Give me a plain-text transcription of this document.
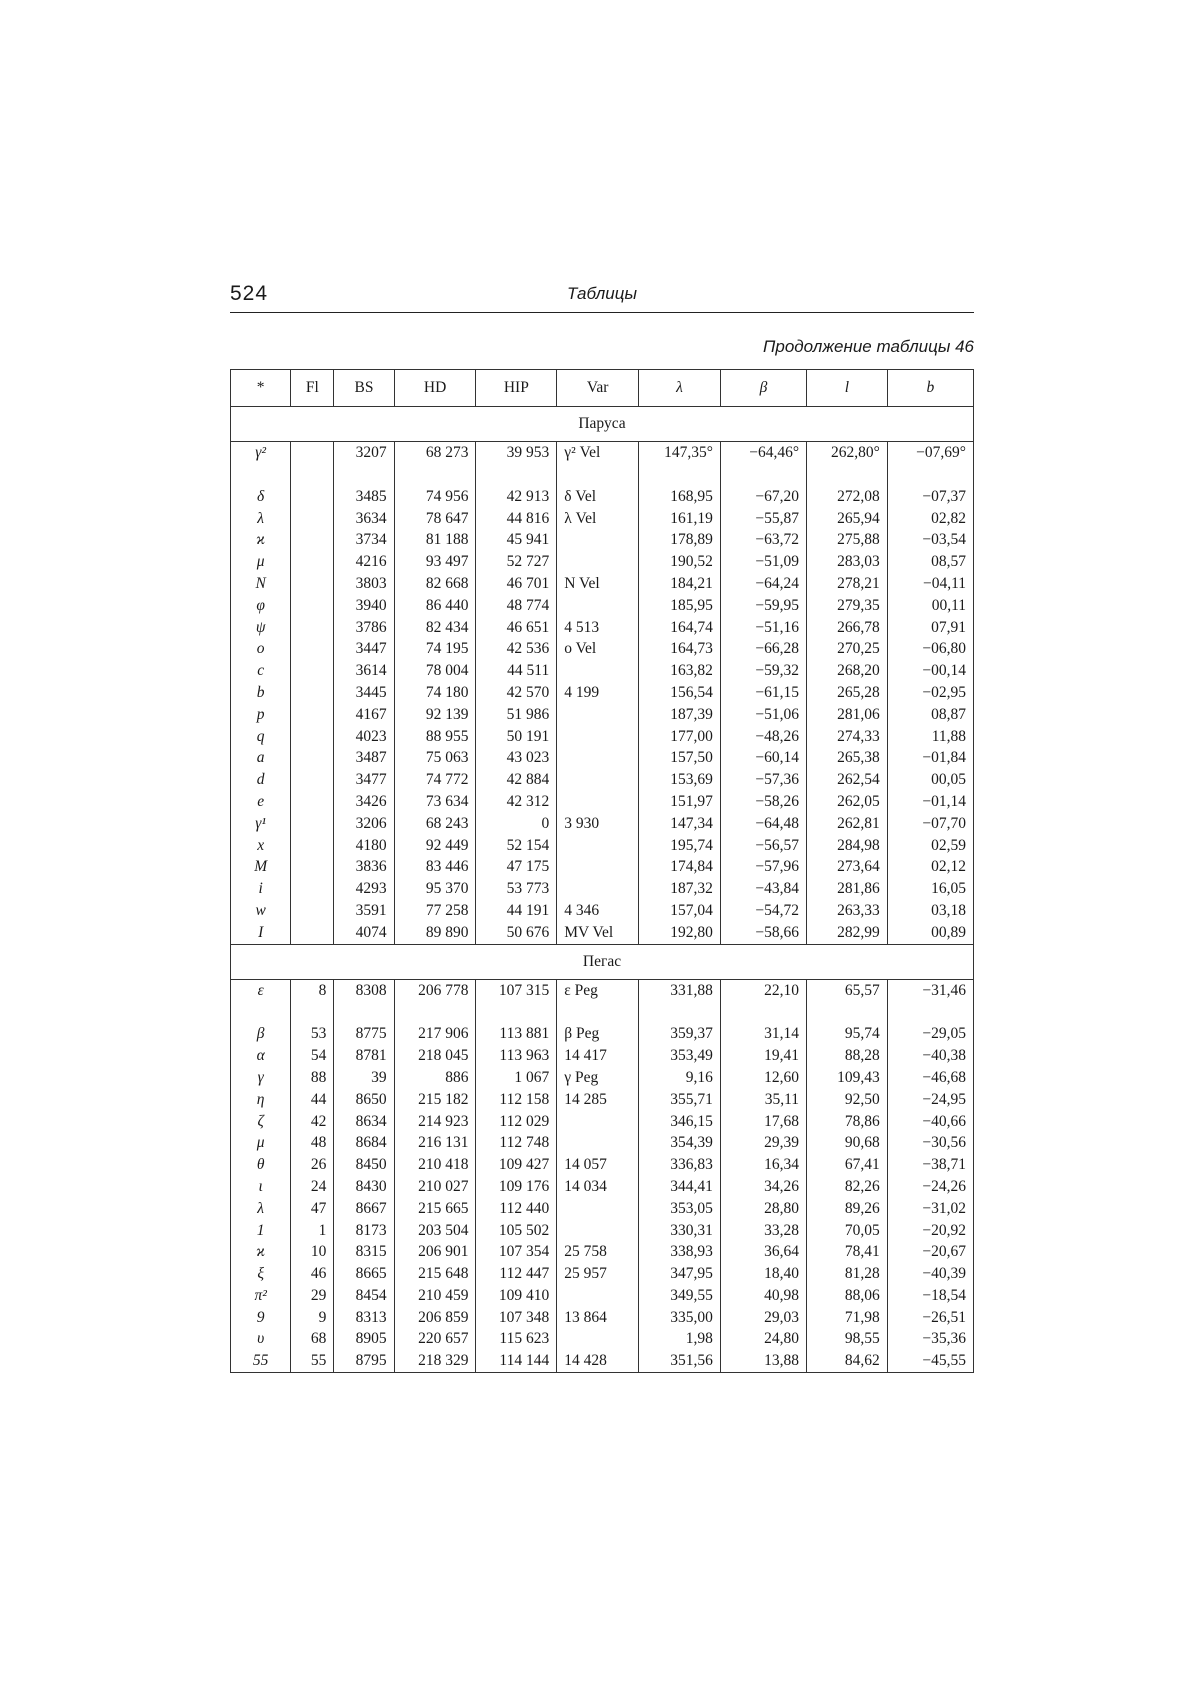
524	Таблицы
Продолжение таблицы 46
*	Fl	BS	HD	HIP	Var	λ	β	l	b
Паруса									
γ²		3207	68 273	39 953	γ² Vel	147,35°	−64,46°	262,80°	−07,69°
δ		3485	74 956	42 913	δ Vel	168,95	−67,20	272,08	−07,37
λ		3634	78 647	44 816	λ Vel	161,19	−55,87	265,94	02,82
ϰ		3734	81 188	45 941		178,89	−63,72	275,88	−03,54
μ		4216	93 497	52 727		190,52	−51,09	283,03	08,57
N		3803	82 668	46 701	N Vel	184,21	−64,24	278,21	−04,11
φ		3940	86 440	48 774		185,95	−59,95	279,35	00,11
ψ		3786	82 434	46 651	4 513	164,74	−51,16	266,78	07,91
o		3447	74 195	42 536	o Vel	164,73	−66,28	270,25	−06,80
c		3614	78 004	44 511		163,82	−59,32	268,20	−00,14
b		3445	74 180	42 570	4 199	156,54	−61,15	265,28	−02,95
p		4167	92 139	51 986		187,39	−51,06	281,06	08,87
q		4023	88 955	50 191		177,00	−48,26	274,33	11,88
a		3487	75 063	43 023		157,50	−60,14	265,38	−01,84
d		3477	74 772	42 884		153,69	−57,36	262,54	00,05
e		3426	73 634	42 312		151,97	−58,26	262,05	−01,14
γ¹		3206	68 243	0	3 930	147,34	−64,48	262,81	−07,70
x		4180	92 449	52 154		195,74	−56,57	284,98	02,59
M		3836	83 446	47 175		174,84	−57,96	273,64	02,12
i		4293	95 370	53 773		187,32	−43,84	281,86	16,05
w		3591	77 258	44 191	4 346	157,04	−54,72	263,33	03,18
I		4074	89 890	50 676	MV Vel	192,80	−58,66	282,99	00,89
Пегас									
ε	8	8308	206 778	107 315	ε Peg	331,88	22,10	65,57	−31,46
β	53	8775	217 906	113 881	β Peg	359,37	31,14	95,74	−29,05
α	54	8781	218 045	113 963	14 417	353,49	19,41	88,28	−40,38
γ	88	39	886	1 067	γ Peg	9,16	12,60	109,43	−46,68
η	44	8650	215 182	112 158	14 285	355,71	35,11	92,50	−24,95
ζ	42	8634	214 923	112 029		346,15	17,68	78,86	−40,66
μ	48	8684	216 131	112 748		354,39	29,39	90,68	−30,56
θ	26	8450	210 418	109 427	14 057	336,83	16,34	67,41	−38,71
ι	24	8430	210 027	109 176	14 034	344,41	34,26	82,26	−24,26
λ	47	8667	215 665	112 440		353,05	28,80	89,26	−31,02
1	1	8173	203 504	105 502		330,31	33,28	70,05	−20,92
ϰ	10	8315	206 901	107 354	25 758	338,93	36,64	78,41	−20,67
ξ	46	8665	215 648	112 447	25 957	347,95	18,40	81,28	−40,39
π²	29	8454	210 459	109 410		349,55	40,98	88,06	−18,54
9	9	8313	206 859	107 348	13 864	335,00	29,03	71,98	−26,51
υ	68	8905	220 657	115 623		1,98	24,80	98,55	−35,36
55	55	8795	218 329	114 144	14 428	351,56	13,88	84,62	−45,55
